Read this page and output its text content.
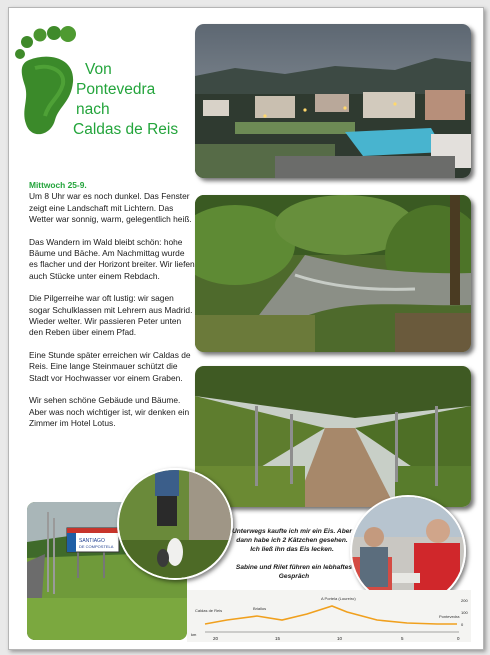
Von
Pontevedra
nach
Caldas de Reis
Mittwoch 25-9.

Um 8 Uhr war es noch dunkel. Das Fenster zeigt eine Landschaft mit Lichtern. Das Wetter war sonnig, warm, gelegentlich heiß.

Das Wandern im Wald bleibt schön: hohe Bäume und Bäche. Am Nachmittag wurde es flacher und der Horizont breiter. Wir liefen auch Stücke unter einem Rebdach.

Die Pilgerreihe war oft lustig: wir sagen sogar Schulklassen mit Lehrern aus Madrid. Wieder welter. Wir passieren Peter unten den Reben über einem Pfad.

Eine Stunde später erreichen wir Caldas de Reis. Eine lange Steinmauer schützt die Stadt vor Hochwasser vor einem Graben.

Wir sehen schöne Gebäude und Bäume. Aber was noch wichtiger ist, wir denken ein Zimmer im Hotel Lotus.

SANTIAGO
DE COMPOSTELA
Unterwegs kaufte ich mir ein Eis. Aber dann habe ich 2 Kätzchen gesehen. Ich ließ ihn das Eis lecken.
Sabine und Rilet führen ein lebhaftes Gespräch
Caldas de Reis	Briallos
A Portela (Loureiro)
Pontevedra
20	15	10	5	0
km
200
100
0
